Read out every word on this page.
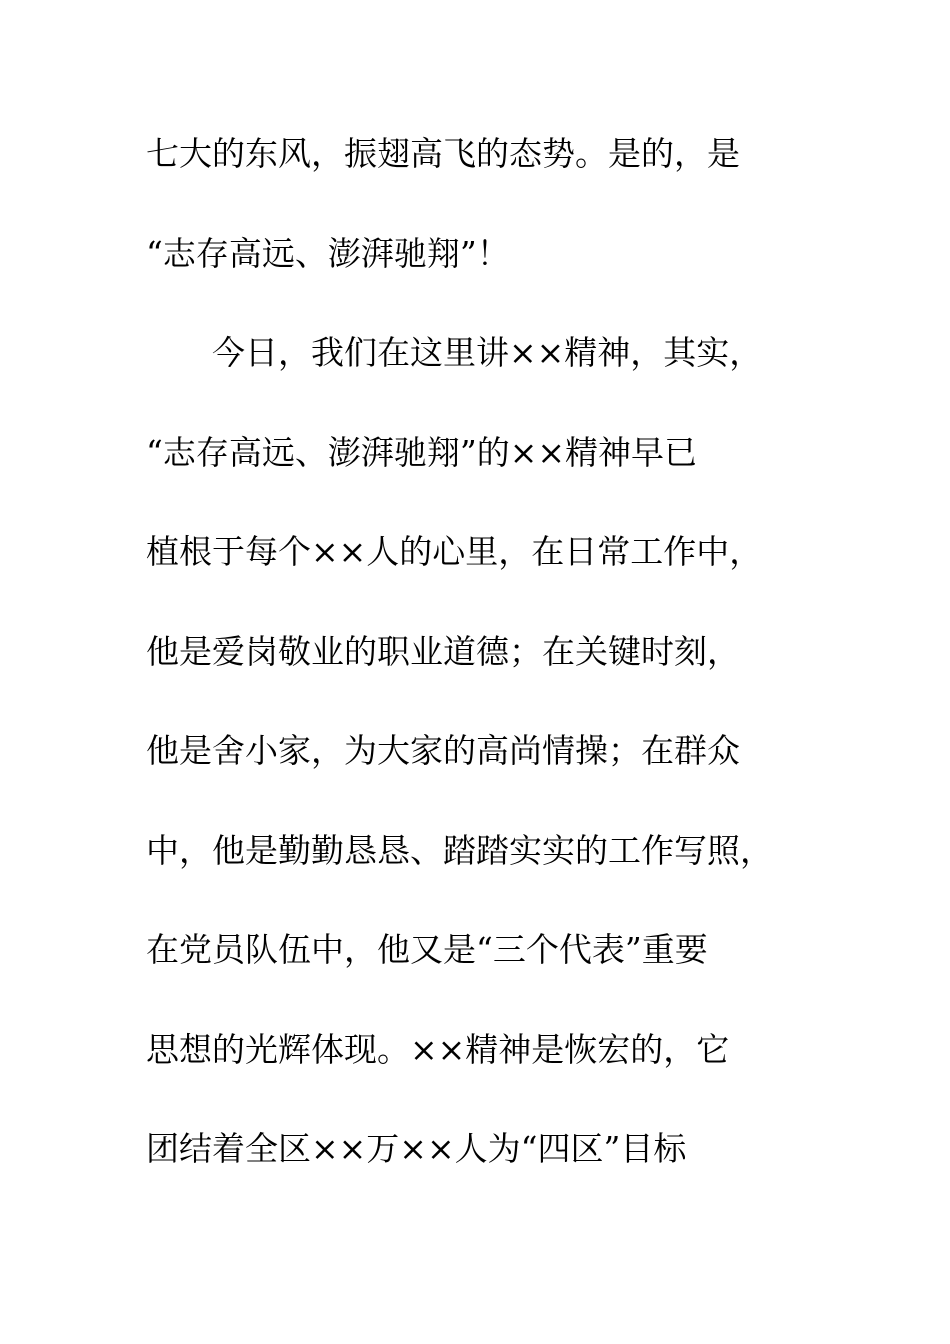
七大的东风，振翅高飞的态势。是的，是
“志存高远、澎湃驰翔”！
　　今日，我们在这里讲××精神，其实，
“志存高远、澎湃驰翔”的××精神早已
植根于每个××人的心里，在日常工作中，
他是爱岗敬业的职业道德；在关键时刻，
他是舍小家，为大家的高尚情操；在群众
中，他是勤勤恳恳、踏踏实实的工作写照，
在党员队伍中，他又是“三个代表”重要
思想的光辉体现。××精神是恢宏的，它
团结着全区××万××人为“四区”目标
